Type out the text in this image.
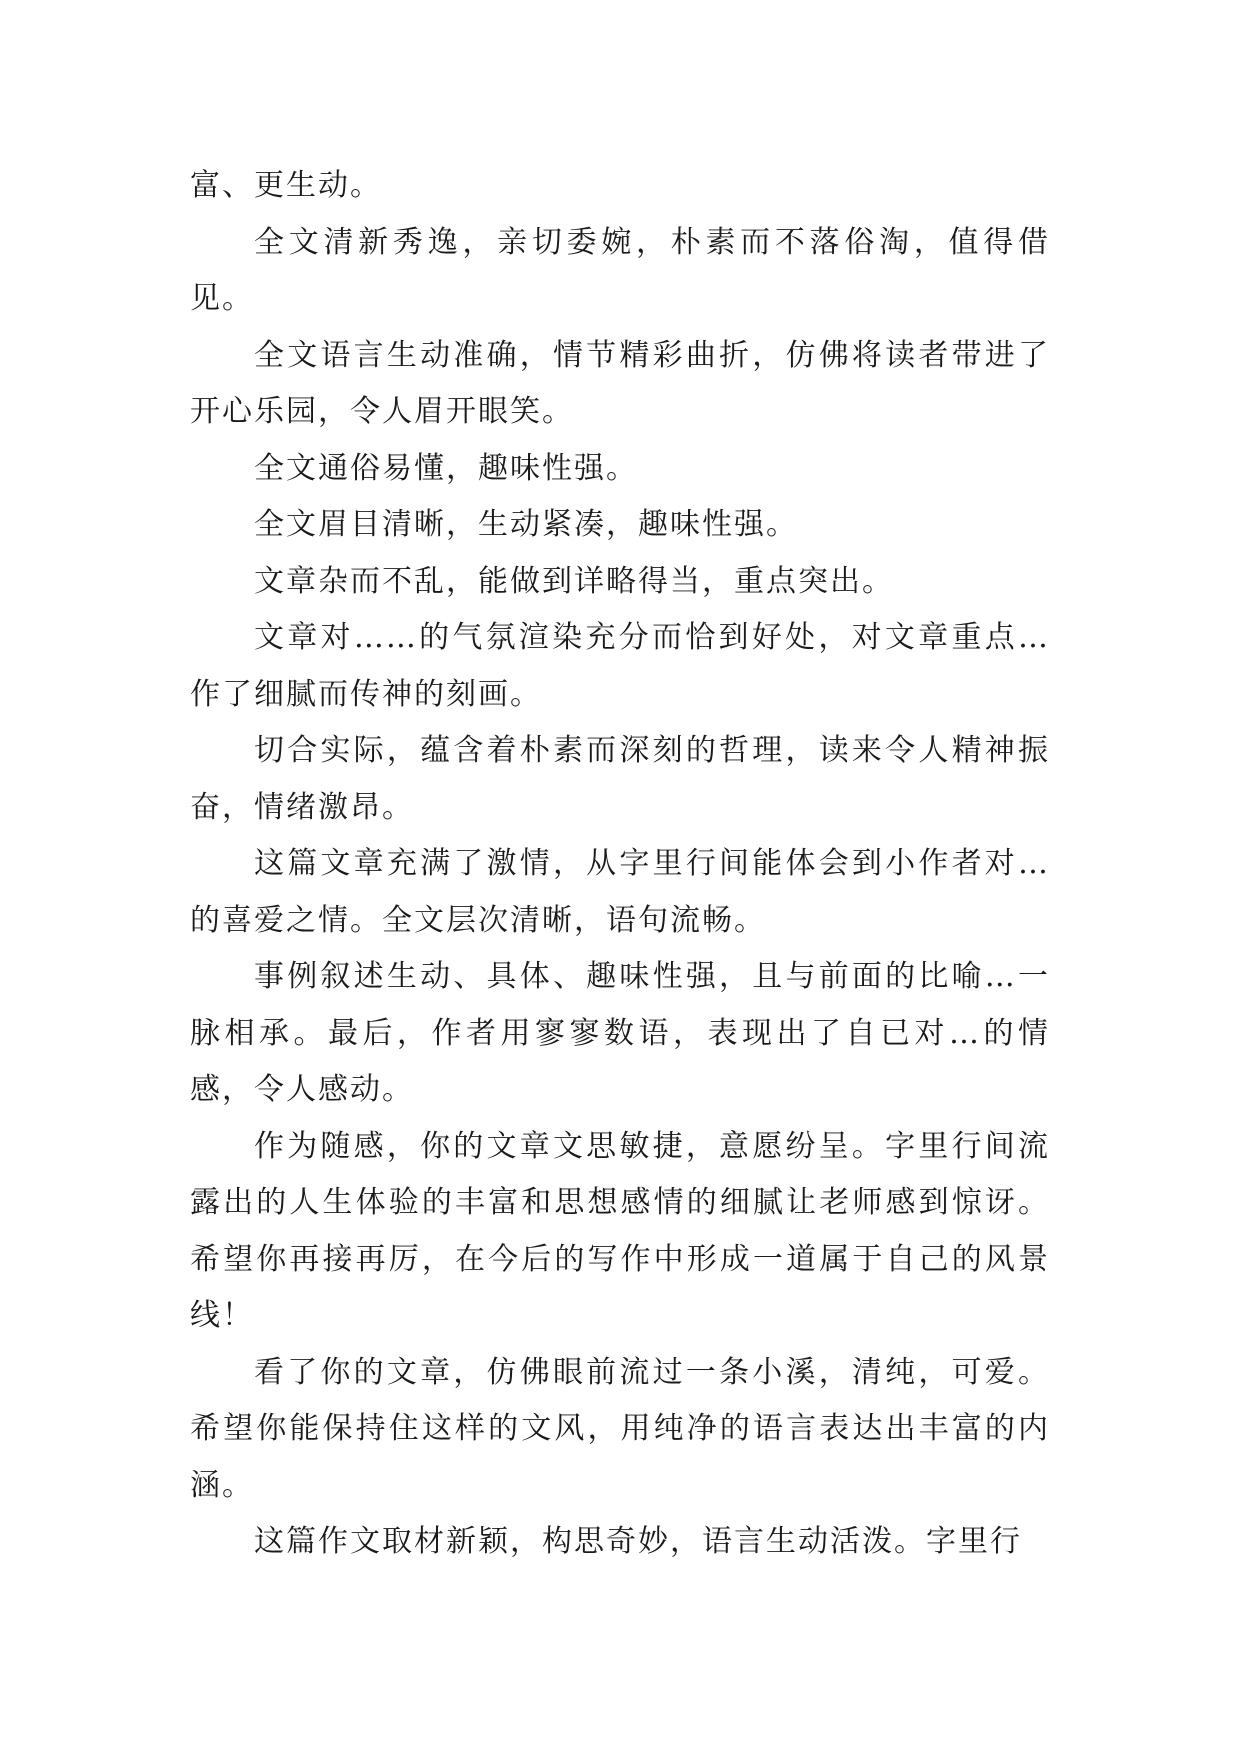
富、更生动。

全文清新秀逸，亲切委婉，朴素而不落俗淘，值得借见。

全文语言生动准确，情节精彩曲折，仿佛将读者带进了开心乐园，令人眉开眼笑。

全文通俗易懂，趣味性强。

全文眉目清晰，生动紧凑，趣味性强。

文章杂而不乱，能做到详略得当，重点突出。

文章对……的气氛渲染充分而恰到好处，对文章重点…作了细腻而传神的刻画。

切合实际，蕴含着朴素而深刻的哲理，读来令人精神振奋，情绪激昂。

这篇文章充满了激情，从字里行间能体会到小作者对…的喜爱之情。全文层次清晰，语句流畅。

事例叙述生动、具体、趣味性强，且与前面的比喻…一脉相承。最后，作者用寥寥数语，表现出了自已对…的情感，令人感动。

作为随感，你的文章文思敏捷，意愿纷呈。字里行间流露出的人生体验的丰富和思想感情的细腻让老师感到惊讶。希望你再接再厉，在今后的写作中形成一道属于自己的风景线！

看了你的文章，仿佛眼前流过一条小溪，清纯，可爱。希望你能保持住这样的文风，用纯净的语言表达出丰富的内涵。

这篇作文取材新颖，构思奇妙，语言生动活泼。字里行
